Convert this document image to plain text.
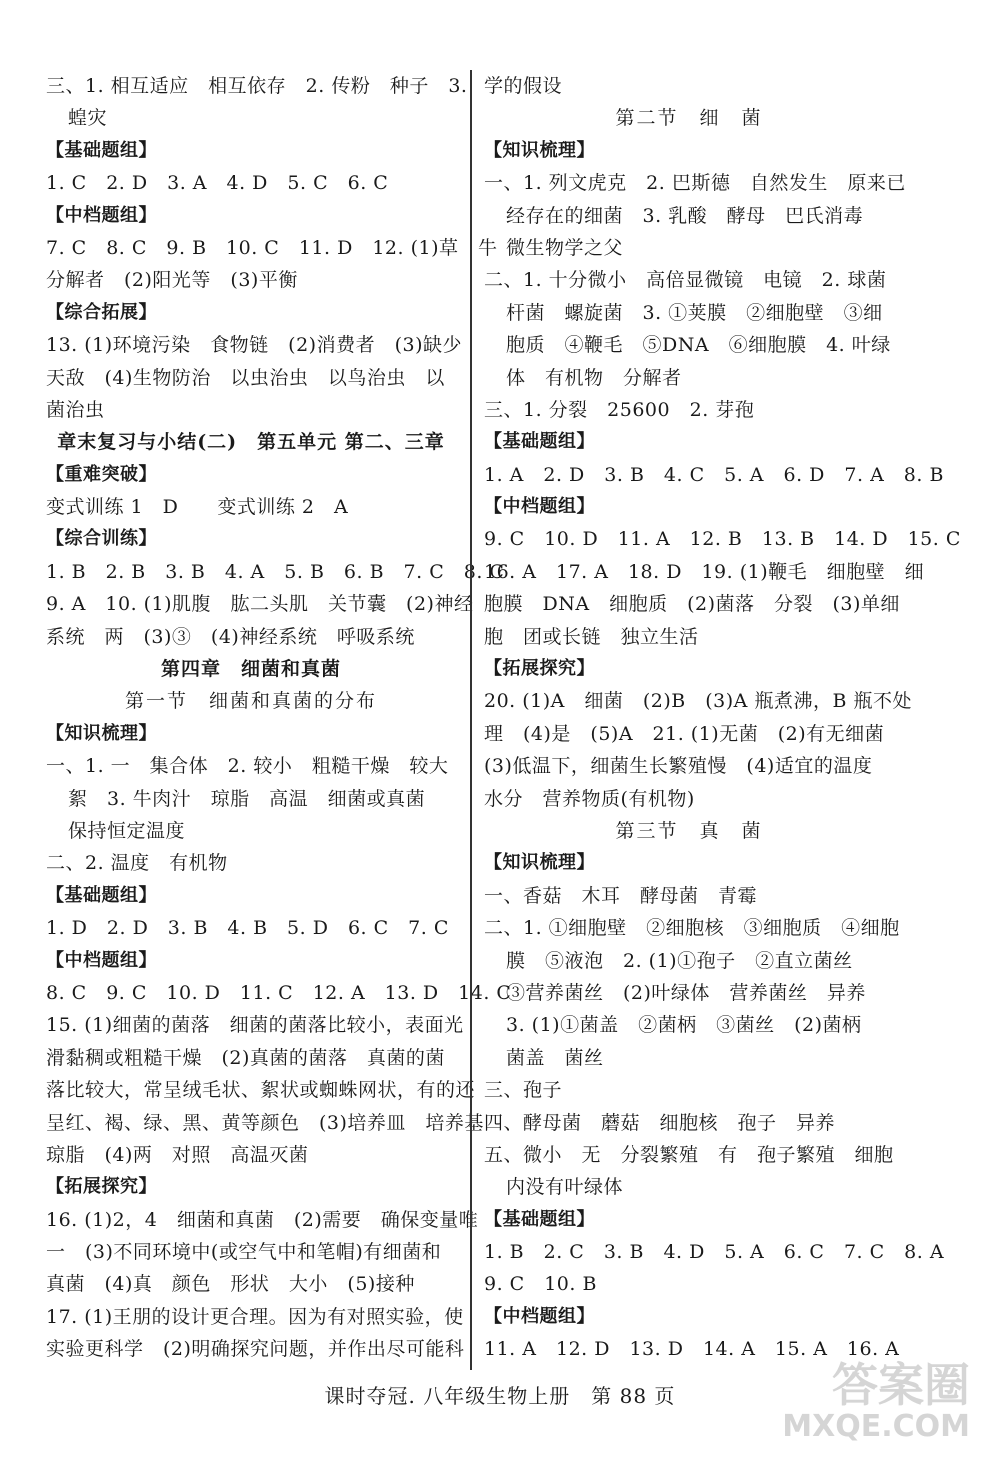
三、1. 相互适应　相互依存　2. 传粉　种子　3.
蝗灾
【基础题组】
1. C　2. D　3. A　4. D　5. C　6. C
【中档题组】
7. C　8. C　9. B　10. C　11. D　12. (1)草　牛
分解者　(2)阳光等　(3)平衡
【综合拓展】
13. (1)环境污染　食物链　(2)消费者　(3)缺少
天敌　(4)生物防治　以虫治虫　以鸟治虫　以
菌治虫
章末复习与小结(二)　第五单元 第二、三章
【重难突破】
变式训练 1　D　　变式训练 2　A
【综合训练】
1. B　2. B　3. B　4. A　5. B　6. B　7. C　8. C
9. A　10. (1)肌腹　肱二头肌　关节囊　(2)神经
系统　两　(3)③　(4)神经系统　呼吸系统
第四章　细菌和真菌
第一节　细菌和真菌的分布
【知识梳理】
一、1. 一　集合体　2. 较小　粗糙干燥　较大
絮　3. 牛肉汁　琼脂　高温　细菌或真菌
保持恒定温度
二、2. 温度　有机物
【基础题组】
1. D　2. D　3. B　4. B　5. D　6. C　7. C
【中档题组】
8. C　9. C　10. D　11. C　12. A　13. D　14. C
15. (1)细菌的菌落　细菌的菌落比较小，表面光
滑黏稠或粗糙干燥　(2)真菌的菌落　真菌的菌
落比较大，常呈绒毛状、絮状或蜘蛛网状，有的还
呈红、褐、绿、黑、黄等颜色　(3)培养皿　培养基
琼脂　(4)两　对照　高温灭菌
【拓展探究】
16. (1)2，4　细菌和真菌　(2)需要　确保变量唯
一　(3)不同环境中(或空气中和笔帽)有细菌和
真菌　(4)真　颜色　形状　大小　(5)接种
17. (1)王朋的设计更合理。因为有对照实验，使
实验更科学　(2)明确探究问题，并作出尽可能科
学的假设
第二节　细　菌
【知识梳理】
一、1. 列文虎克　2. 巴斯德　自然发生　原来已
经存在的细菌　3. 乳酸　酵母　巴氏消毒
微生物学之父
二、1. 十分微小　高倍显微镜　电镜　2. 球菌
杆菌　螺旋菌　3. ①荚膜　②细胞壁　③细
胞质　④鞭毛　⑤DNA　⑥细胞膜　4. 叶绿
体　有机物　分解者
三、1. 分裂　25600　2. 芽孢
【基础题组】
1. A　2. D　3. B　4. C　5. A　6. D　7. A　8. B
【中档题组】
9. C　10. D　11. A　12. B　13. B　14. D　15. C
16. A　17. A　18. D　19. (1)鞭毛　细胞壁　细
胞膜　DNA　细胞质　(2)菌落　分裂　(3)单细
胞　团或长链　独立生活
【拓展探究】
20. (1)A　细菌　(2)B　(3)A 瓶煮沸，B 瓶不处
理　(4)是　(5)A　21. (1)无菌　(2)有无细菌
(3)低温下，细菌生长繁殖慢　(4)适宜的温度
水分　营养物质(有机物)
第三节　真　菌
【知识梳理】
一、香菇　木耳　酵母菌　青霉
二、1. ①细胞壁　②细胞核　③细胞质　④细胞
膜　⑤液泡　2. (1)①孢子　②直立菌丝
③营养菌丝　(2)叶绿体　营养菌丝　异养
3. (1)①菌盖　②菌柄　③菌丝　(2)菌柄
菌盖　菌丝
三、孢子
四、酵母菌　蘑菇　细胞核　孢子　异养
五、微小　无　分裂繁殖　有　孢子繁殖　细胞
内没有叶绿体
【基础题组】
1. B　2. C　3. B　4. D　5. A　6. C　7. C　8. A
9. C　10. B
【中档题组】
11. A　12. D　13. D　14. A　15. A　16. A
课时夺冠. 八年级生物上册　第 88 页	答案圈
MXQE.COM
